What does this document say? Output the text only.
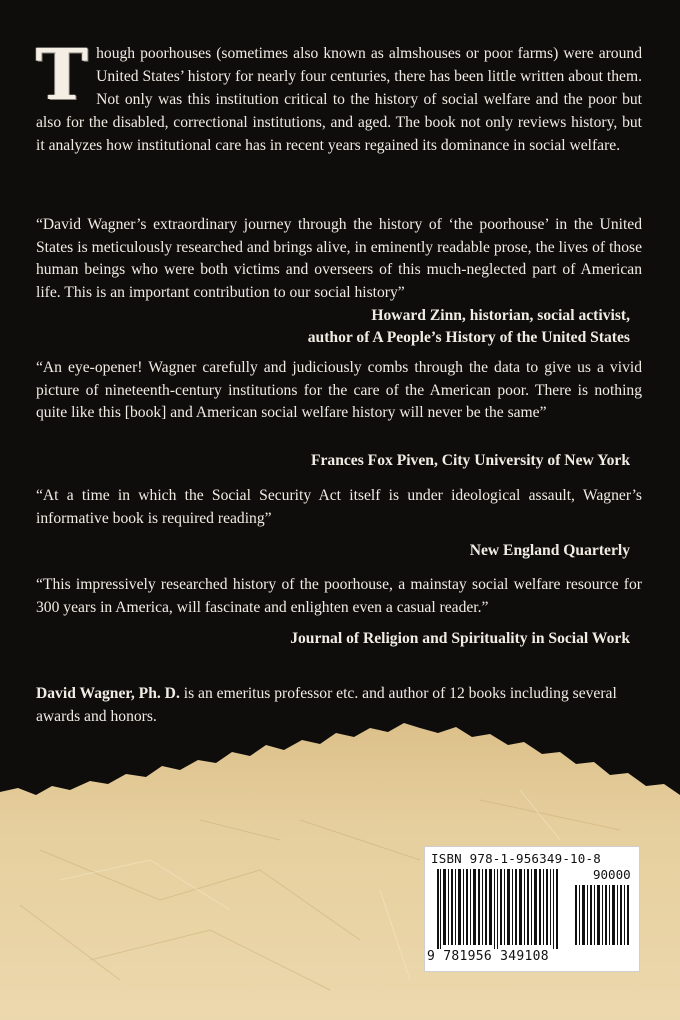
Though poorhouses (sometimes also known as almshouses or poor farms) were around United States’ history for nearly four centuries, there has been little written about them. Not only was this institution critical to the history of social welfare and the poor but also for the disabled, correctional institutions, and aged. The book not only reviews history, but it analyzes how institutional care has in recent years regained its dominance in social welfare.
“David Wagner’s extraordinary journey through the history of ‘the poorhouse’ in the United States is meticulously researched and brings alive, in eminently readable prose, the lives of those human beings who were both victims and overseers of this much-neglected part of American life. This is an important contribution to our social history”
Howard Zinn, historian, social activist,
author of A People’s History of the United States
“An eye-opener! Wagner carefully and judiciously combs through the data to give us a vivid picture of nineteenth-century institutions for the care of the American poor. There is nothing quite like this [book] and American social welfare history will never be the same”
Frances Fox Piven, City University of New York
“At a time in which the Social Security Act itself is under ideological assault, Wagner’s informative book is required reading”
New England Quarterly
“This impressively researched history of the poorhouse, a mainstay social welfare resource for 300 years in America, will fascinate and enlighten even a casual reader.”
Journal of Religion and Spirituality in Social Work
David Wagner, Ph. D. is an emeritus professor etc. and author of 12 books including several awards and honors.
ISBN 978-1-956349-10-8
90000
9 781956 349108
